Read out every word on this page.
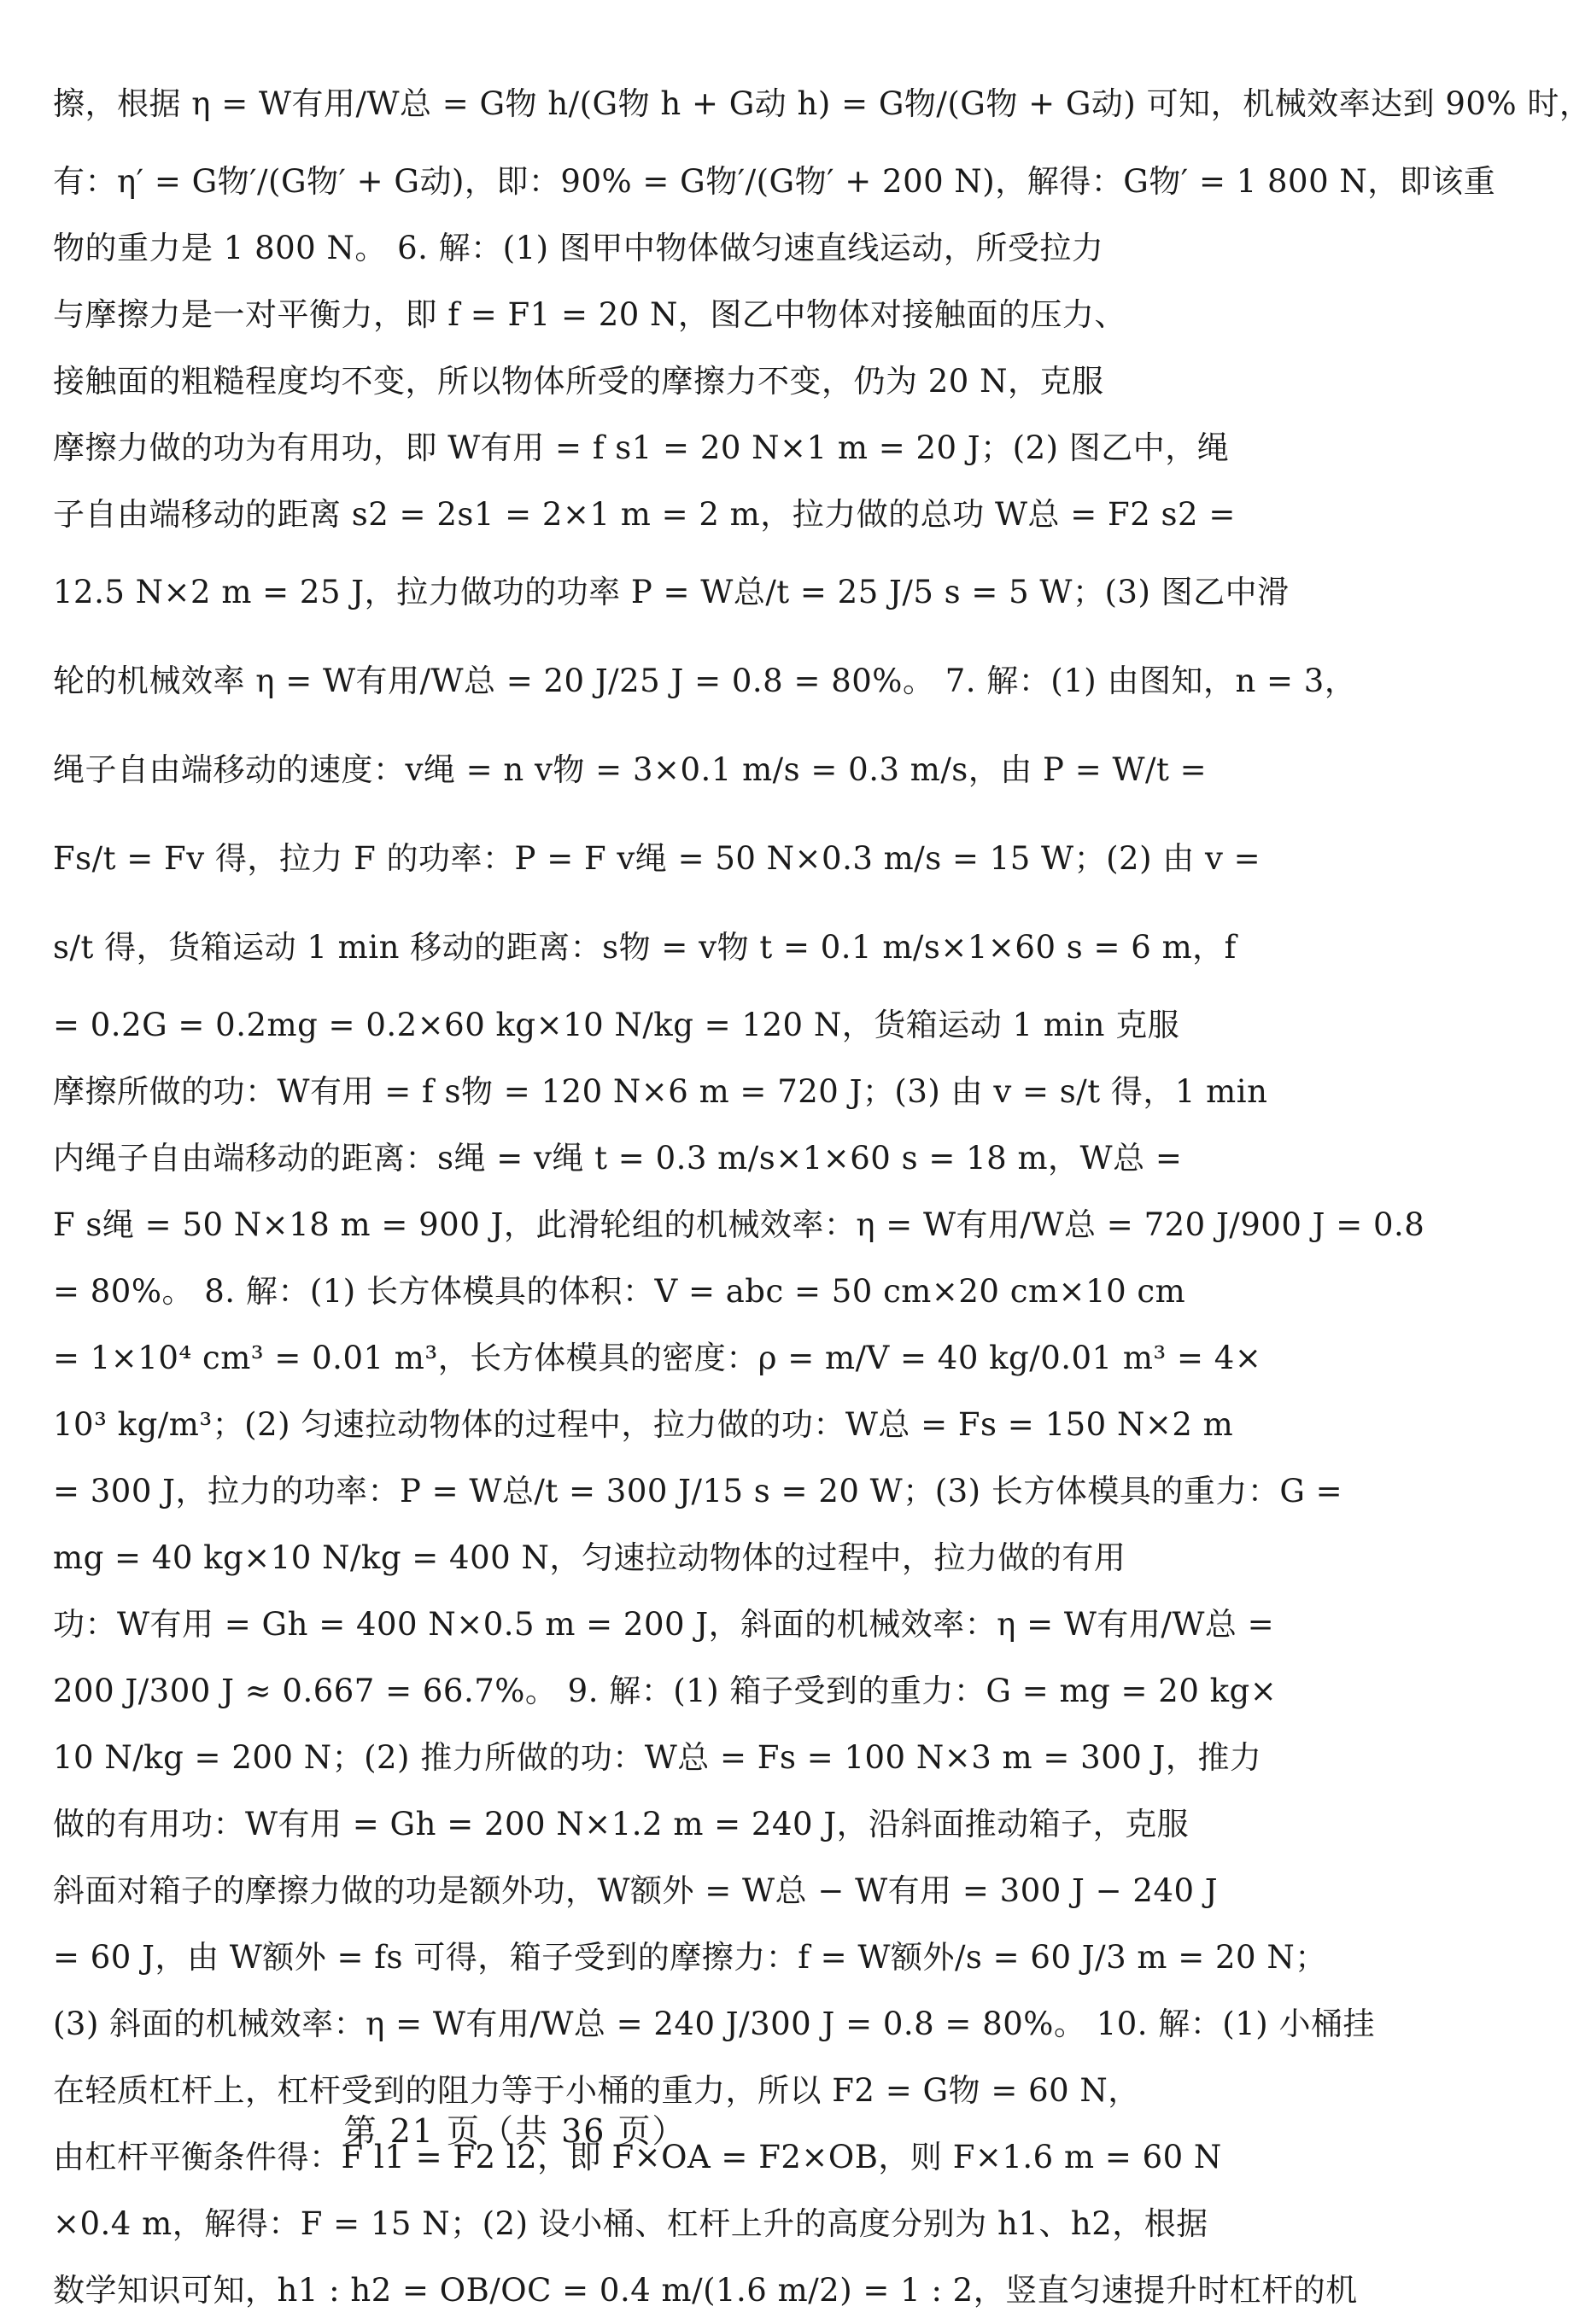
擦，根据 η = W有用/W总 = G物 h/(G物 h + G动 h) = G物/(G物 + G动) 可知，机械效率达到 90% 时，
有：η′ = G物′/(G物′ + G动)，即：90% = G物′/(G物′ + 200 N)，解得：G物′ = 1 800 N，即该重
物的重力是 1 800 N。 6. 解：(1) 图甲中物体做匀速直线运动，所受拉力
与摩擦力是一对平衡力，即 f = F1 = 20 N，图乙中物体对接触面的压力、
接触面的粗糙程度均不变，所以物体所受的摩擦力不变，仍为 20 N，克服
摩擦力做的功为有用功，即 W有用 = f s1 = 20 N×1 m = 20 J；(2) 图乙中，绳
子自由端移动的距离 s2 = 2s1 = 2×1 m = 2 m，拉力做的总功 W总 = F2 s2 =
12.5 N×2 m = 25 J，拉力做功的功率 P = W总/t = 25 J/5 s = 5 W；(3) 图乙中滑
轮的机械效率 η = W有用/W总 = 20 J/25 J = 0.8 = 80%。 7. 解：(1) 由图知，n = 3，
绳子自由端移动的速度：v绳 = n v物 = 3×0.1 m/s = 0.3 m/s，由 P = W/t =
Fs/t = Fv 得，拉力 F 的功率：P = F v绳 = 50 N×0.3 m/s = 15 W；(2) 由 v =
s/t 得，货箱运动 1 min 移动的距离：s物 = v物 t = 0.1 m/s×1×60 s = 6 m，f
= 0.2G = 0.2mg = 0.2×60 kg×10 N/kg = 120 N，货箱运动 1 min 克服
摩擦所做的功：W有用 = f s物 = 120 N×6 m = 720 J；(3) 由 v = s/t 得，1 min
内绳子自由端移动的距离：s绳 = v绳 t = 0.3 m/s×1×60 s = 18 m，W总 =
F s绳 = 50 N×18 m = 900 J，此滑轮组的机械效率：η = W有用/W总 = 720 J/900 J = 0.8
= 80%。 8. 解：(1) 长方体模具的体积：V = abc = 50 cm×20 cm×10 cm
= 1×10⁴ cm³ = 0.01 m³，长方体模具的密度：ρ = m/V = 40 kg/0.01 m³ = 4×
10³ kg/m³；(2) 匀速拉动物体的过程中，拉力做的功：W总 = Fs = 150 N×2 m
= 300 J，拉力的功率：P = W总/t = 300 J/15 s = 20 W；(3) 长方体模具的重力：G =
mg = 40 kg×10 N/kg = 400 N，匀速拉动物体的过程中，拉力做的有用
功：W有用 = Gh = 400 N×0.5 m = 200 J，斜面的机械效率：η = W有用/W总 =
200 J/300 J ≈ 0.667 = 66.7%。 9. 解：(1) 箱子受到的重力：G = mg = 20 kg×
10 N/kg = 200 N；(2) 推力所做的功：W总 = Fs = 100 N×3 m = 300 J，推力
做的有用功：W有用 = Gh = 200 N×1.2 m = 240 J，沿斜面推动箱子，克服
斜面对箱子的摩擦力做的功是额外功，W额外 = W总 − W有用 = 300 J − 240 J
= 60 J，由 W额外 = fs 可得，箱子受到的摩擦力：f = W额外/s = 60 J/3 m = 20 N；
(3) 斜面的机械效率：η = W有用/W总 = 240 J/300 J = 0.8 = 80%。 10. 解：(1) 小桶挂
在轻质杠杆上，杠杆受到的阻力等于小桶的重力，所以 F2 = G物 = 60 N，
由杠杆平衡条件得：F l1 = F2 l2，即 F×OA = F2×OB，则 F×1.6 m = 60 N
×0.4 m，解得：F = 15 N；(2) 设小桶、杠杆上升的高度分别为 h1、h2，根据
数学知识可知，h1 : h2 = OB/OC = 0.4 m/(1.6 m/2) = 1 : 2，竖直匀速提升时杠杆的机
第 21 页（共 36 页）
